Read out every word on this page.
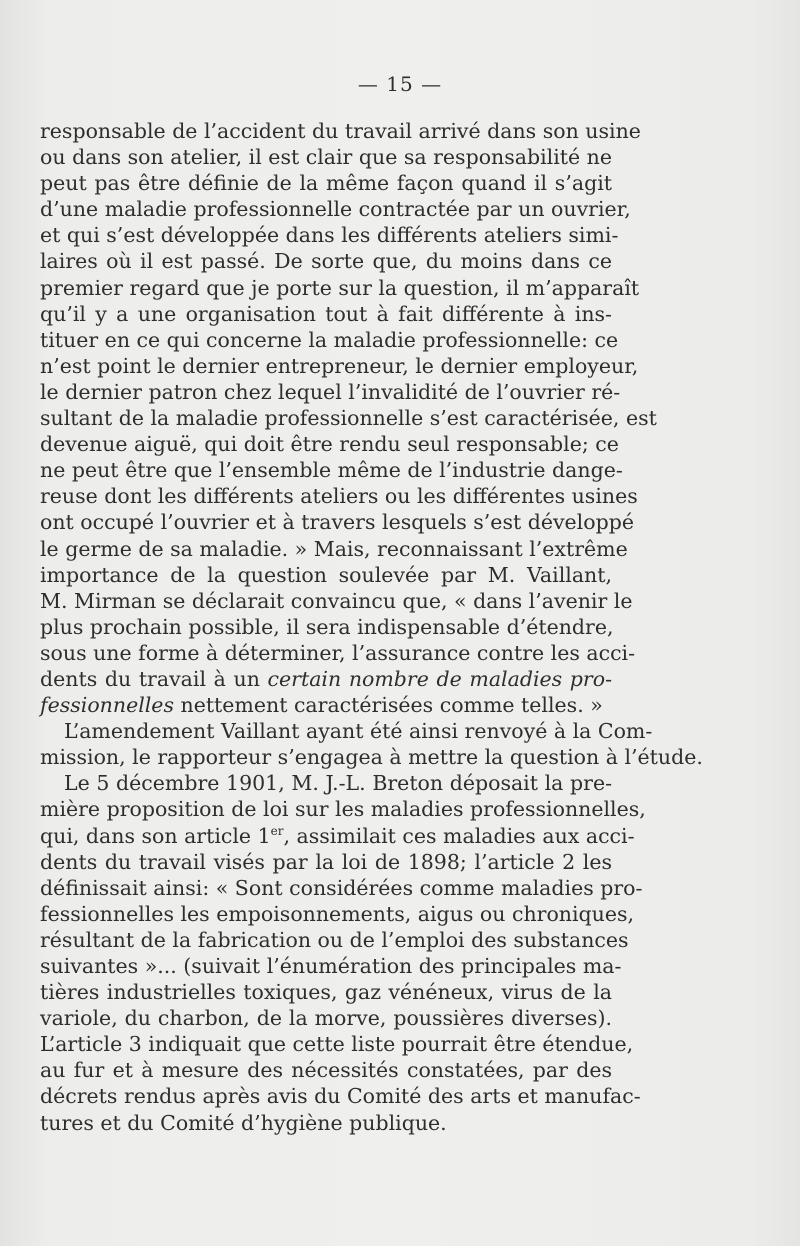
— 15 —
responsable de l’accident du travail arrivé dans son usine
ou dans son atelier, il est clair que sa responsabilité ne
peut pas être définie de la même façon quand il s’agit
d’une maladie professionnelle contractée par un ouvrier,
et qui s’est développée dans les différents ateliers simi-
laires où il est passé. De sorte que, du moins dans ce
premier regard que je porte sur la question, il m’apparaît
qu’il y a une organisation tout à fait différente à ins-
tituer en ce qui concerne la maladie professionnelle: ce
n’est point le dernier entrepreneur, le dernier employeur,
le dernier patron chez lequel l’invalidité de l’ouvrier ré-
sultant de la maladie professionnelle s’est caractérisée, est
devenue aiguë, qui doit être rendu seul responsable; ce
ne peut être que l’ensemble même de l’industrie dange-
reuse dont les différents ateliers ou les différentes usines
ont occupé l’ouvrier et à travers lesquels s’est développé
le germe de sa maladie. » Mais, reconnaissant l’extrême
importance de la question soulevée par M. Vaillant,
M. Mirman se déclarait convaincu que, « dans l’avenir le
plus prochain possible, il sera indispensable d’étendre,
sous une forme à déterminer, l’assurance contre les acci-
dents du travail à un certain nombre de maladies pro-
fessionnelles nettement caractérisées comme telles. »
L’amendement Vaillant ayant été ainsi renvoyé à la Com-
mission, le rapporteur s’engagea à mettre la question à l’étude.
Le 5 décembre 1901, M. J.-L. Breton déposait la pre-
mière proposition de loi sur les maladies professionnelles,
qui, dans son article 1er, assimilait ces maladies aux acci-
dents du travail visés par la loi de 1898; l’article 2 les
définissait ainsi: « Sont considérées comme maladies pro-
fessionnelles les empoisonnements, aigus ou chroniques,
résultant de la fabrication ou de l’emploi des substances
suivantes »... (suivait l’énumération des principales ma-
tières industrielles toxiques, gaz vénéneux, virus de la
variole, du charbon, de la morve, poussières diverses).
L’article 3 indiquait que cette liste pourrait être étendue,
au fur et à mesure des nécessités constatées, par des
décrets rendus après avis du Comité des arts et manufac-
tures et du Comité d’hygiène publique.
